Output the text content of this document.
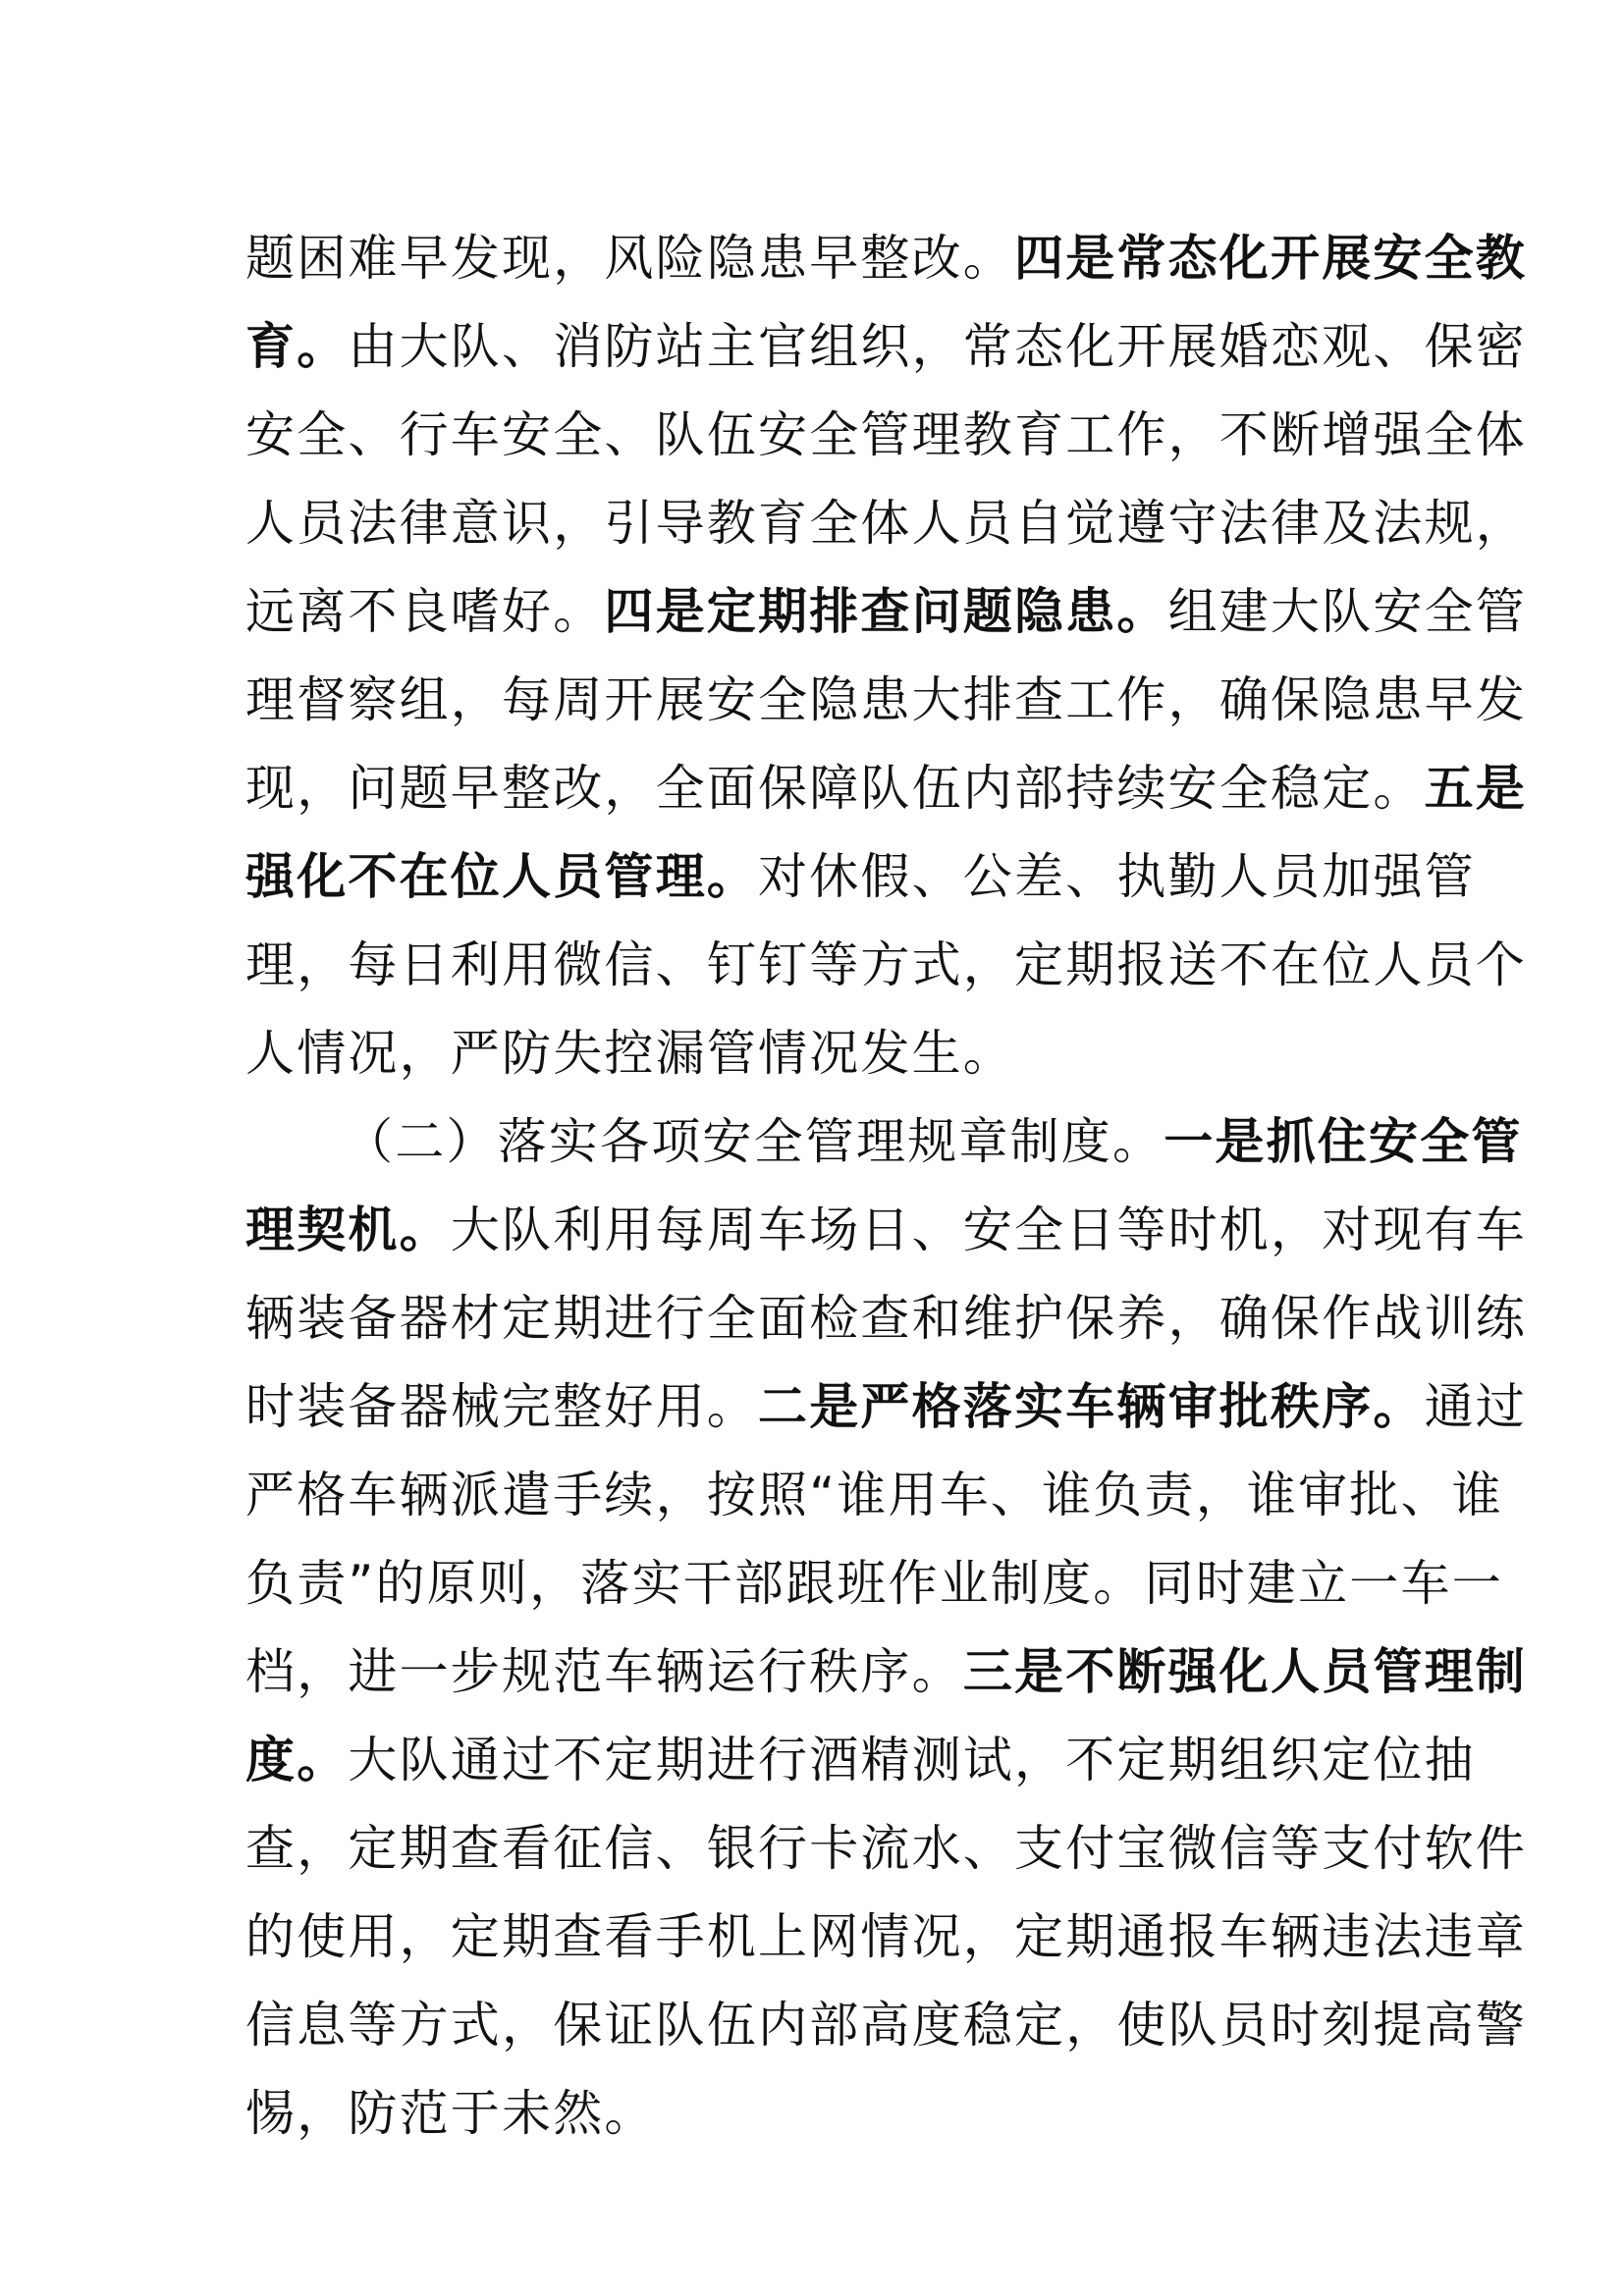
题困难早发现，风险隐患早整改。四是常态化开展安全教
育。由大队、消防站主官组织，常态化开展婚恋观、保密
安全、行车安全、队伍安全管理教育工作，不断增强全体
人员法律意识，引导教育全体人员自觉遵守法律及法规，
远离不良嗜好。四是定期排查问题隐患。组建大队安全管
理督察组，每周开展安全隐患大排查工作，确保隐患早发
现，问题早整改，全面保障队伍内部持续安全稳定。五是
强化不在位人员管理。对休假、公差、执勤人员加强管
理，每日利用微信、钉钉等方式，定期报送不在位人员个
人情况，严防失控漏管情况发生。
（二）落实各项安全管理规章制度。一是抓住安全管
理契机。大队利用每周车场日、安全日等时机，对现有车
辆装备器材定期进行全面检查和维护保养，确保作战训练
时装备器械完整好用。二是严格落实车辆审批秩序。通过
严格车辆派遣手续，按照“谁用车、谁负责，谁审批、谁
负责”的原则，落实干部跟班作业制度。同时建立一车一
档，进一步规范车辆运行秩序。三是不断强化人员管理制
度。大队通过不定期进行酒精测试，不定期组织定位抽
查，定期查看征信、银行卡流水、支付宝微信等支付软件
的使用，定期查看手机上网情况，定期通报车辆违法违章
信息等方式，保证队伍内部高度稳定，使队员时刻提高警
惕，防范于未然。
